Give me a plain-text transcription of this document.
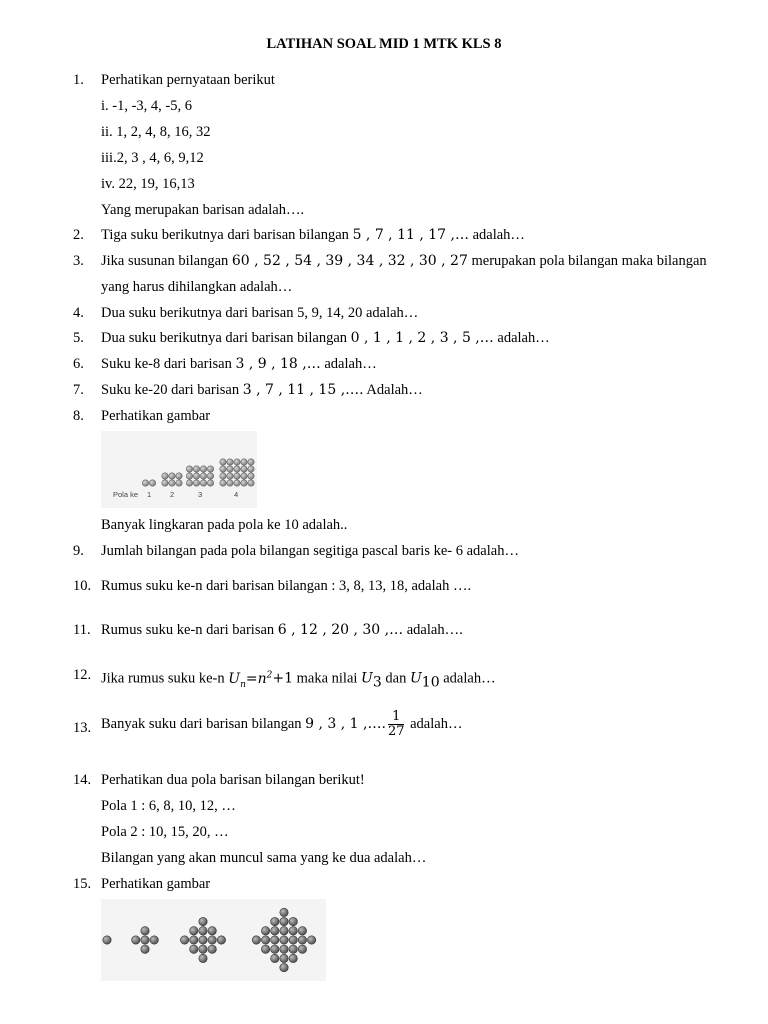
LATIHAN SOAL MID 1 MTK KLS 8
1.	Perhatikan pernyataan berikut
i. -1, -3, 4, -5, 6
ii. 1, 2, 4, 8, 16, 32
iii.2, 3 , 4, 6, 9,12
iv. 22, 19, 16,13
Yang merupakan barisan adalah….
2.	Tiga suku berikutnya dari barisan bilangan 5 , 7 , 11 , 17 ,… adalah…
3.	Jika susunan bilangan 60 , 52 , 54 , 39 , 34 , 32 , 30 , 27 merupakan pola bilangan maka bilangan
yang harus dihilangkan adalah…
4.	Dua suku berikutnya dari barisan 5, 9, 14, 20 adalah…
5.	Dua suku berikutnya dari barisan bilangan 0 , 1 , 1 , 2 , 3 , 5 ,… adalah…
6.	Suku ke-8 dari barisan 3 , 9 , 18 ,… adalah…
7.	Suku ke-20 dari barisan 3 , 7 , 11 , 15 ,…. Adalah…
8.	Perhatikan gambar
Pola ke 1	2	3	4
Banyak lingkaran pada pola ke 10 adalah..
9.	Jumlah bilangan pada pola bilangan segitiga pascal baris ke- 6 adalah…
10. Rumus suku ke-n dari barisan bilangan : 3, 8, 13, 18, adalah ….
11. Rumus suku ke-n dari barisan 6 , 12 , 20 , 30 ,… adalah….
12. Jika rumus suku ke-n $U_n=n^2+1$ maka nilai $U_3$ dan $U_{10}$ adalah…
13. Banyak suku dari barisan bilangan 9 , 3 , 1 ,…. $\frac{1}{27}$ adalah…
14. Perhatikan dua pola barisan bilangan berikut!
Pola 1 : 6, 8, 10, 12, …
Pola 2 : 10, 15, 20, …
Bilangan yang akan muncul sama yang ke dua adalah…
15. Perhatikan gambar
